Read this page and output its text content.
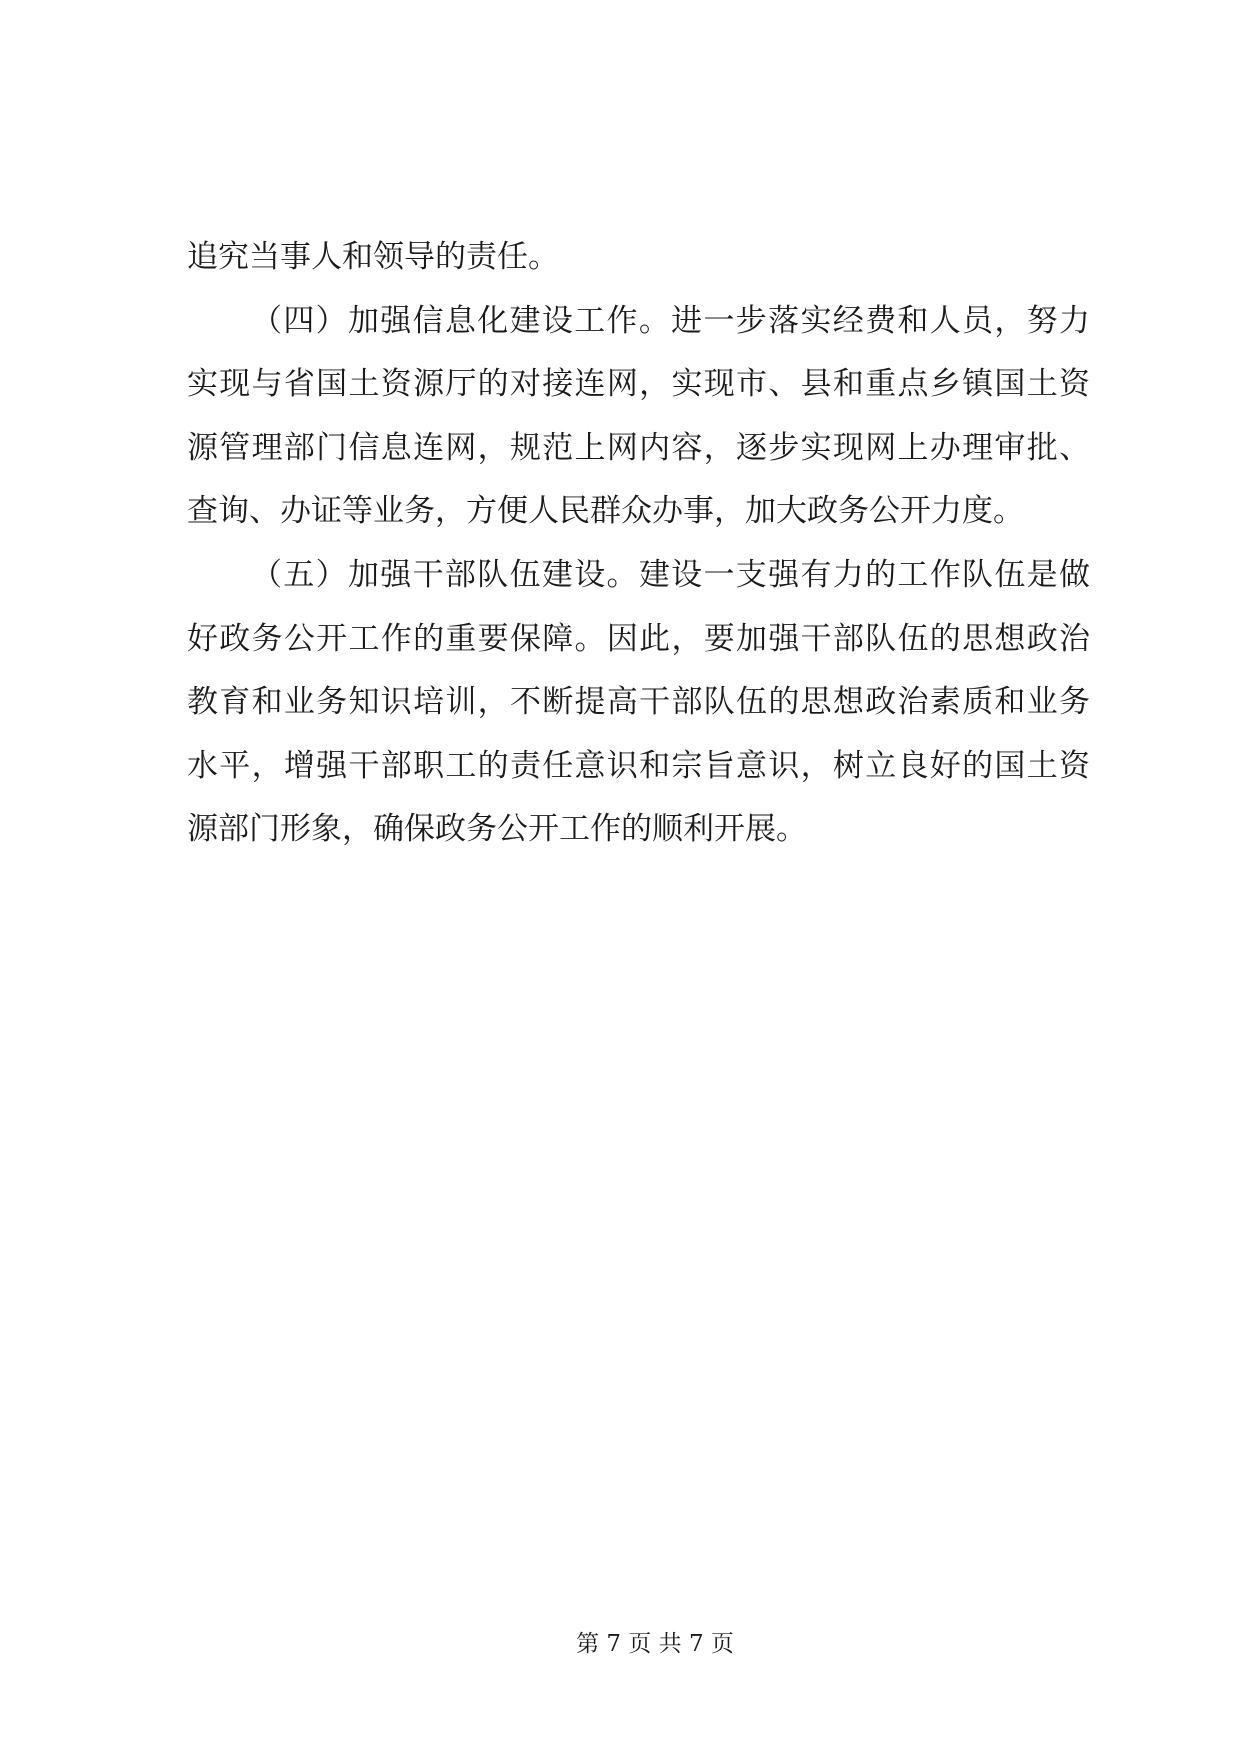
追究当事人和领导的责任。
（四）加强信息化建设工作。进一步落实经费和人员，努力
实现与省国土资源厅的对接连网，实现市、县和重点乡镇国土资
源管理部门信息连网，规范上网内容，逐步实现网上办理审批、
查询、办证等业务，方便人民群众办事，加大政务公开力度。
（五）加强干部队伍建设。建设一支强有力的工作队伍是做
好政务公开工作的重要保障。因此，要加强干部队伍的思想政治
教育和业务知识培训，不断提高干部队伍的思想政治素质和业务
水平，增强干部职工的责任意识和宗旨意识，树立良好的国土资
源部门形象，确保政务公开工作的顺利开展。
第 7 页 共 7 页
